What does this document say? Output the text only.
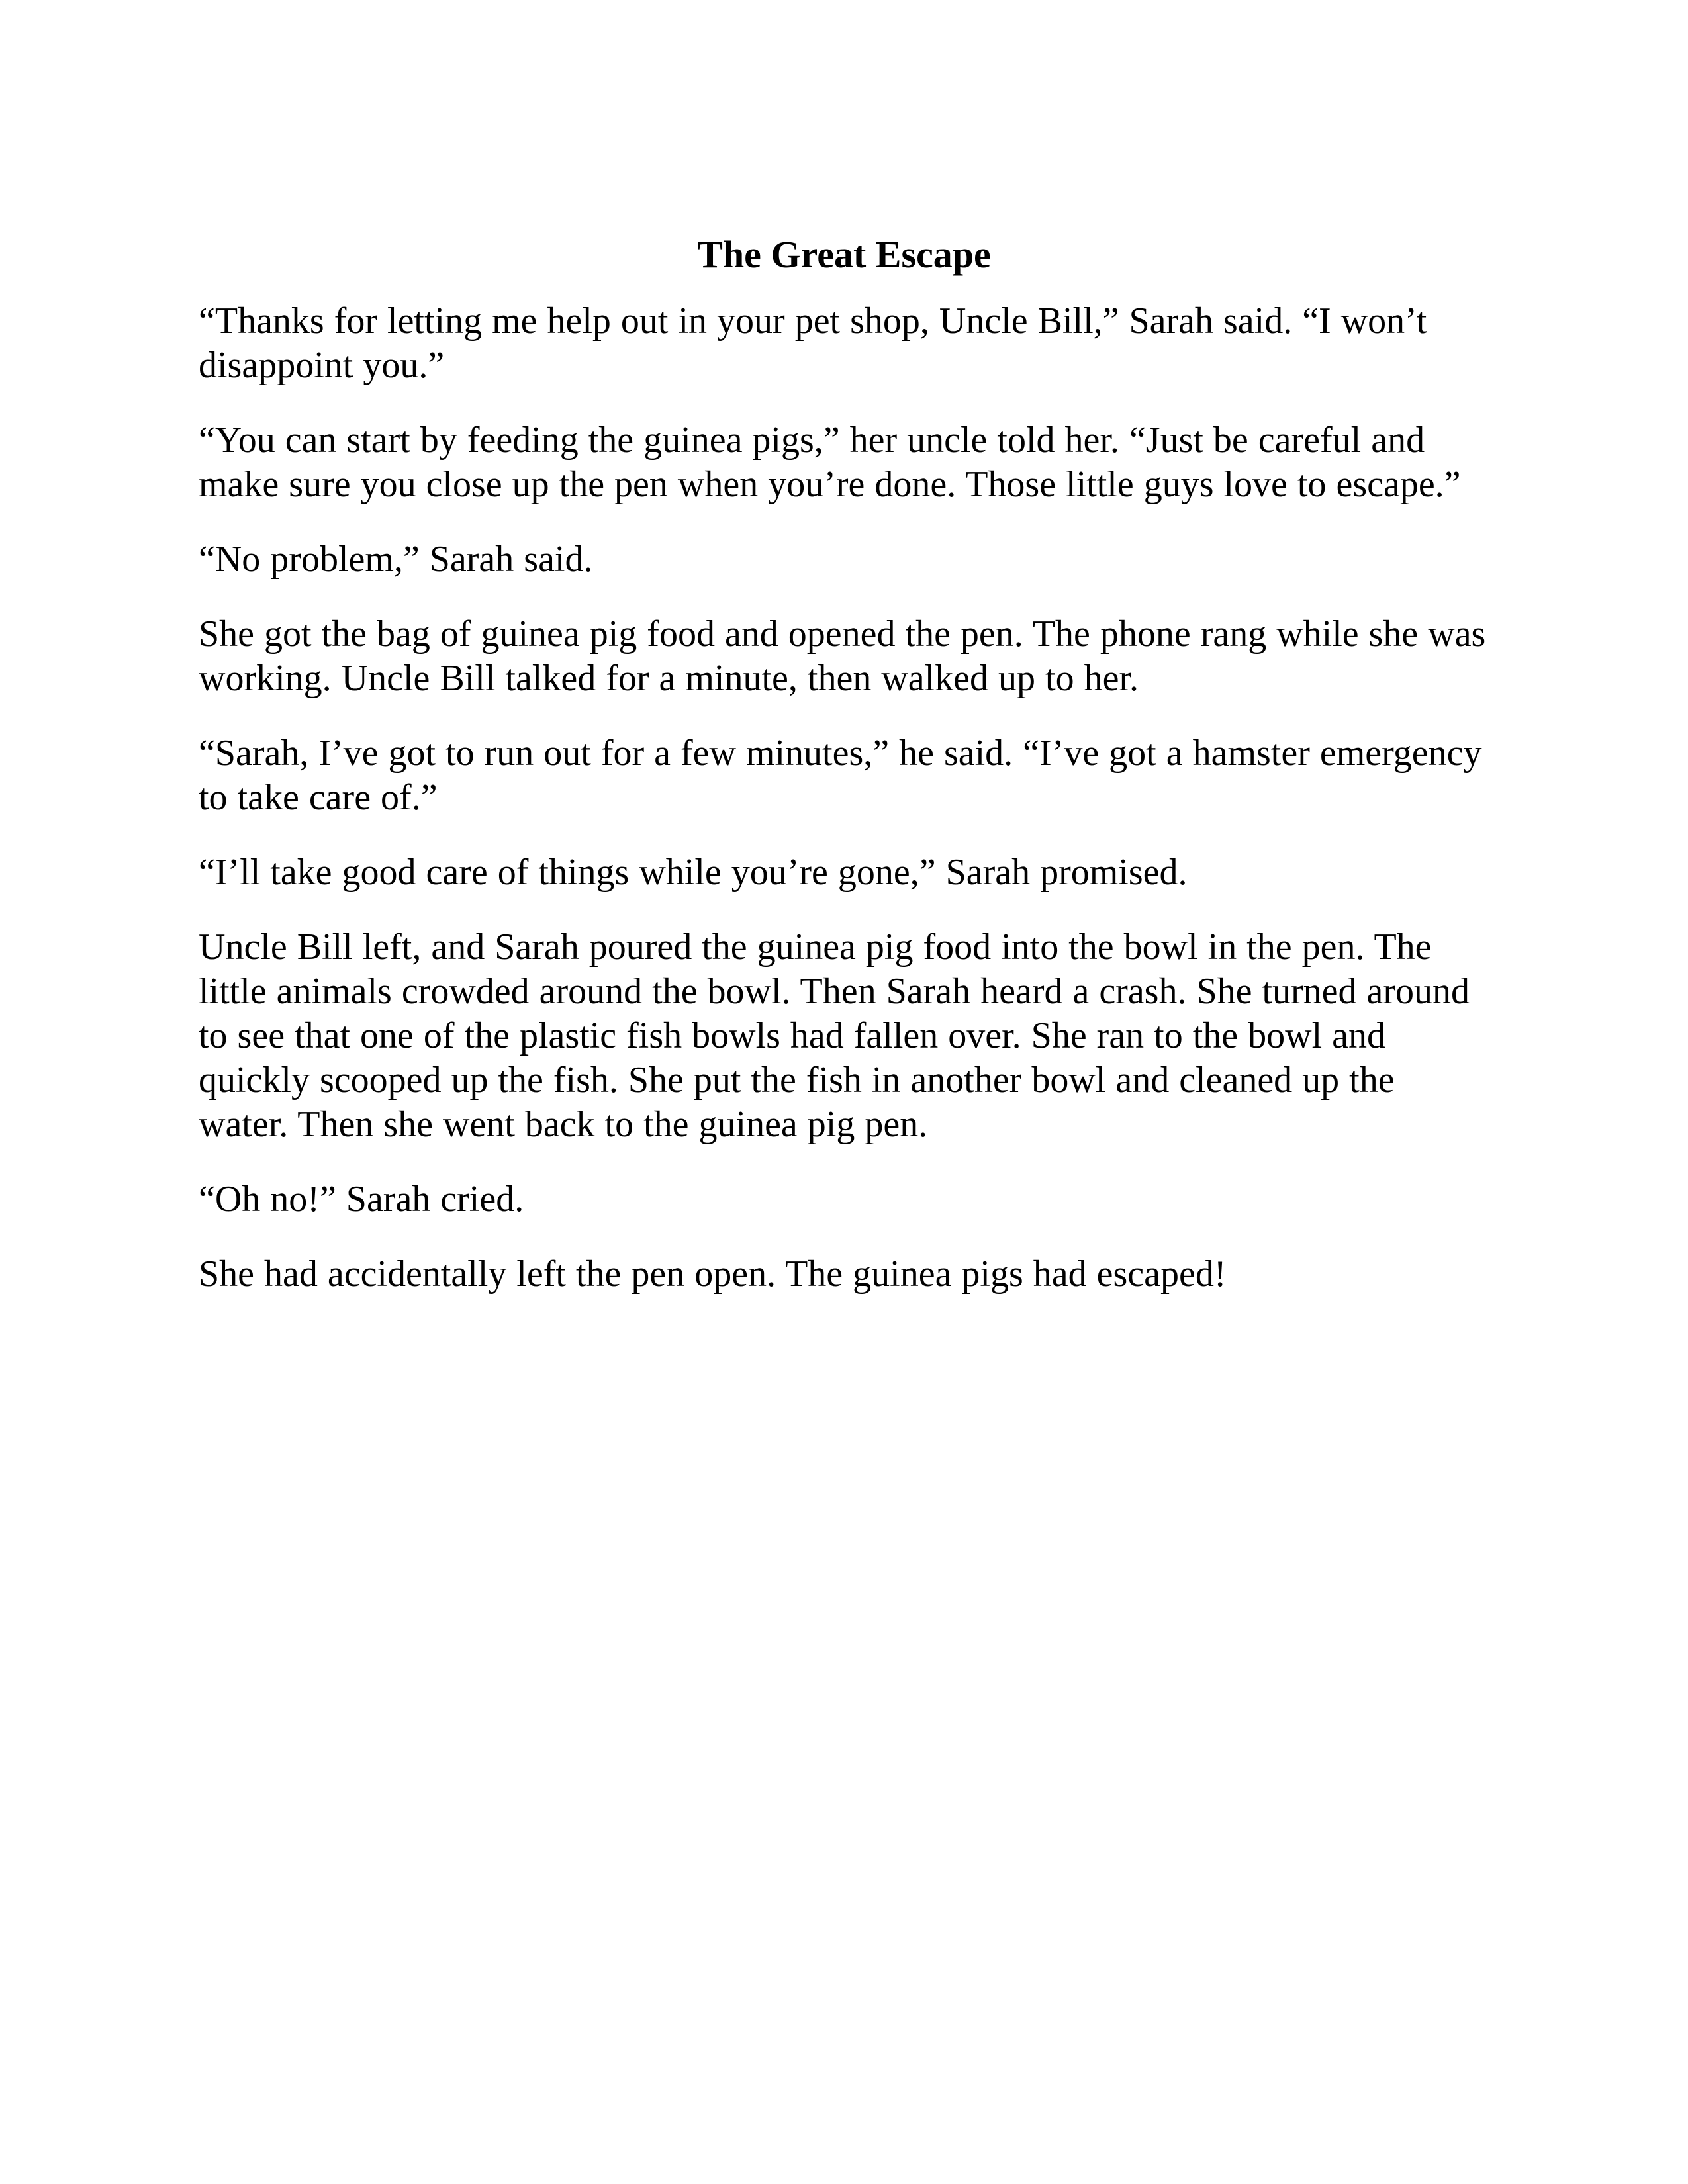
The Great Escape

“Thanks for letting me help out in your pet shop, Uncle Bill,” Sarah said. “I won’t disappoint you.”

“You can start by feeding the guinea pigs,” her uncle told her. “Just be careful and make sure you close up the pen when you’re done. Those little guys love to escape.”

“No problem,” Sarah said.

She got the bag of guinea pig food and opened the pen. The phone rang while she was working. Uncle Bill talked for a minute, then walked up to her.

“Sarah, I’ve got to run out for a few minutes,” he said. “I’ve got a hamster emergency to take care of.”

“I’ll take good care of things while you’re gone,” Sarah promised.

Uncle Bill left, and Sarah poured the guinea pig food into the bowl in the pen. The little animals crowded around the bowl. Then Sarah heard a crash. She turned around to see that one of the plastic fish bowls had fallen over. She ran to the bowl and quickly scooped up the fish. She put the fish in another bowl and cleaned up the water. Then she went back to the guinea pig pen.

“Oh no!” Sarah cried.

She had accidentally left the pen open. The guinea pigs had escaped!
